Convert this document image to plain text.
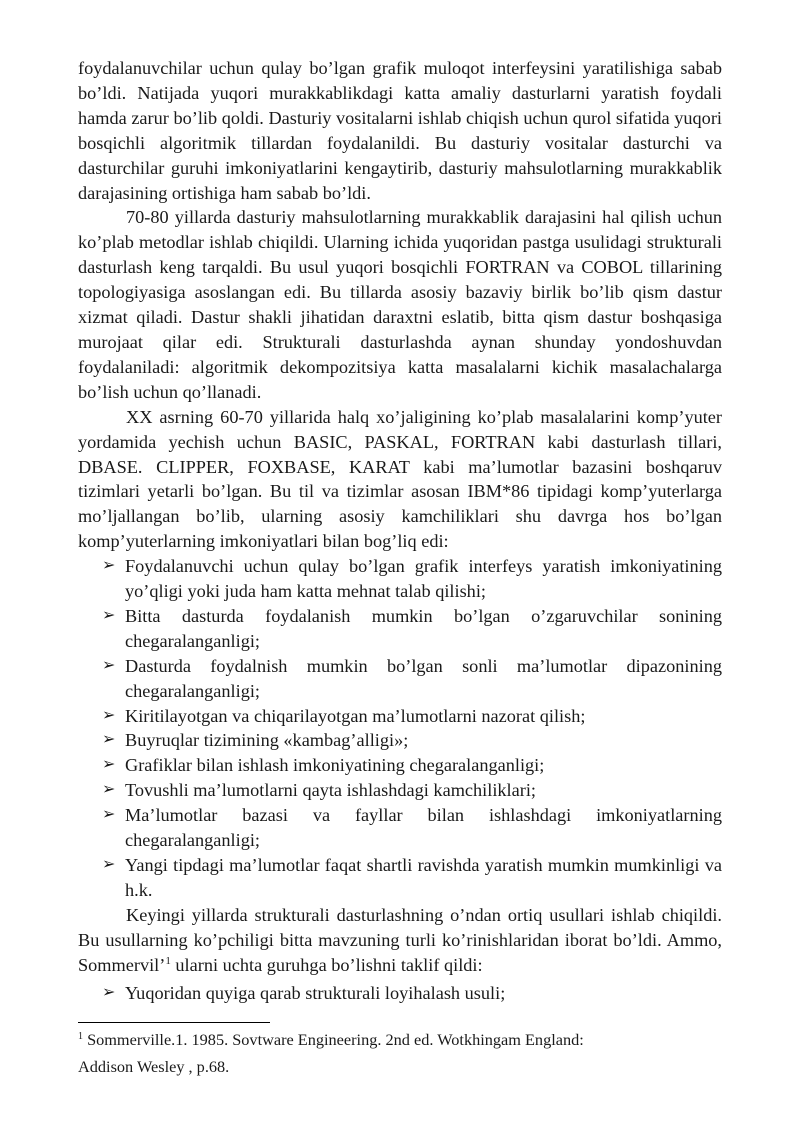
foydalanuvchilar uchun qulay bo’lgan grafik muloqot interfeysini yaratilishiga sabab bo’ldi. Natijada yuqori murakkablikdagi katta amaliy dasturlarni yaratish foydali hamda zarur bo’lib qoldi. Dasturiy vositalarni ishlab chiqish uchun qurol sifatida yuqori bosqichli algoritmik tillardan foydalanildi. Bu dasturiy vositalar dasturchi va dasturchilar guruhi imkoniyatlarini kengaytirib, dasturiy mahsulotlarning murakkablik darajasining ortishiga ham sabab bo’ldi.

70-80 yillarda dasturiy mahsulotlarning murakkablik darajasini hal qilish uchun ko’plab metodlar ishlab chiqildi. Ularning ichida yuqoridan pastga usulidagi strukturali dasturlash keng tarqaldi. Bu usul yuqori bosqichli FORTRAN va COBOL tillarining topologiyasiga asoslangan edi. Bu tillarda asosiy bazaviy birlik bo’lib qism dastur xizmat qiladi. Dastur shakli jihatidan daraxtni eslatib, bitta qism dastur boshqasiga murojaat qilar edi. Strukturali dasturlashda aynan shunday yondoshuvdan foydalaniladi: algoritmik dekompozitsiya katta masalalarni kichik masalachalarga bo’lish uchun qo’llanadi.

XX asrning 60-70 yillarida halq xo’jaligining ko’plab masalalarini komp’yuter yordamida yechish uchun BASIC, PASKAL, FORTRAN kabi dasturlash tillari, DBASE. CLIPPER, FOXBASE, KARAT kabi ma’lumotlar bazasini boshqaruv tizimlari yetarli bo’lgan. Bu til va tizimlar asosan IBM*86 tipidagi komp’yuterlarga mo’ljallangan bo’lib, ularning asosiy kamchiliklari shu davrga hos bo’lgan komp’yuterlarning imkoniyatlari bilan bog’liq edi:

➢ Foydalanuvchi uchun qulay bo’lgan grafik interfeys yaratish imkoniyatining yo’qligi yoki juda ham katta mehnat talab qilishi;
➢ Bitta dasturda foydalanish mumkin bo’lgan o’zgaruvchilar sonining chegaralanganligi;
➢ Dasturda foydalnish mumkin bo’lgan sonli ma’lumotlar dipazonining chegaralanganligi;
➢ Kiritilayotgan va chiqarilayotgan ma’lumotlarni nazorat qilish;
➢ Buyruqlar tizimining «kambag’alligi»;
➢ Grafiklar bilan ishlash imkoniyatining chegaralanganligi;
➢ Tovushli ma’lumotlarni qayta ishlashdagi kamchiliklari;
➢ Ma’lumotlar bazasi va fayllar bilan ishlashdagi imkoniyatlarning chegaralanganligi;
➢ Yangi tipdagi ma’lumotlar faqat shartli ravishda yaratish mumkin mumkinligi va h.k.

Keyingi yillarda strukturali dasturlashning o’ndan ortiq usullari ishlab chiqildi. Bu usullarning ko’pchiligi bitta mavzuning turli ko’rinishlaridan iborat bo’ldi. Ammo, Sommervil’$^1$ ularni uchta guruhga bo’lishni taklif qildi:

➢ Yuqoridan quyiga qarab strukturali loyihalash usuli;
$^1$ Sommerville.1. 1985. Sovtware Engineering. 2nd ed. Wotkhingam England:
Addison Wesley , p.68.
